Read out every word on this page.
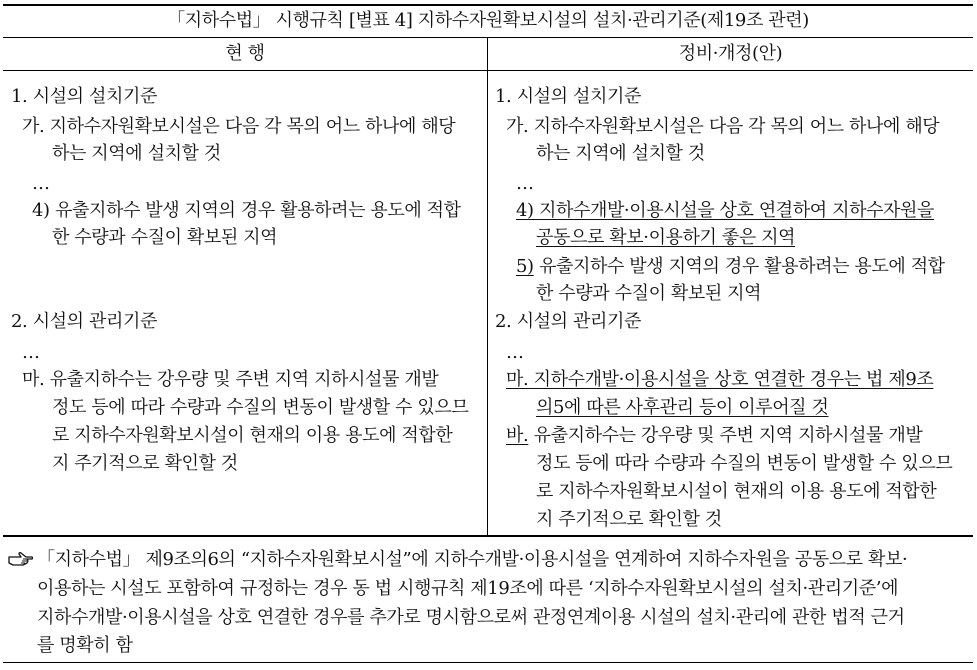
「지하수법」 시행규칙 [별표 4] 지하수자원확보시설의 설치·관리기준(제19조 관련)
현 행	정비·개정(안)
1. 시설의 설치기준
가. 지하수자원확보시설은 다음 각 목의 어느 하나에 해당
하는 지역에 설치할 것
…
4) 유출지하수 발생 지역의 경우 활용하려는 용도에 적합
한 수량과 수질이 확보된 지역
2. 시설의 관리기준
…
마. 유출지하수는 강우량 및 주변 지역 지하시설물 개발
정도 등에 따라 수량과 수질의 변동이 발생할 수 있으므
로 지하수자원확보시설이 현재의 이용 용도에 적합한
지 주기적으로 확인할 것
1. 시설의 설치기준
가. 지하수자원확보시설은 다음 각 목의 어느 하나에 해당
하는 지역에 설치할 것
…
4) 지하수개발·이용시설을 상호 연결하여 지하수자원을
공동으로 확보·이용하기 좋은 지역
5) 유출지하수 발생 지역의 경우 활용하려는 용도에 적합
한 수량과 수질이 확보된 지역
2. 시설의 관리기준
…
마. 지하수개발·이용시설을 상호 연결한 경우는 법 제9조
의5에 따른 사후관리 등이 이루어질 것
바. 유출지하수는 강우량 및 주변 지역 지하시설물 개발
정도 등에 따라 수량과 수질의 변동이 발생할 수 있으므
로 지하수자원확보시설이 현재의 이용 용도에 적합한
지 주기적으로 확인할 것
「지하수법」 제9조의6의 “지하수자원확보시설”에 지하수개발·이용시설을 연계하여 지하수자원을 공동으로 확보·
이용하는 시설도 포함하여 규정하는 경우 동 법 시행규칙 제19조에 따른 ‘지하수자원확보시설의 설치·관리기준’에
지하수개발·이용시설을 상호 연결한 경우를 추가로 명시함으로써 관정연계이용 시설의 설치·관리에 관한 법적 근거
를 명확히 함
